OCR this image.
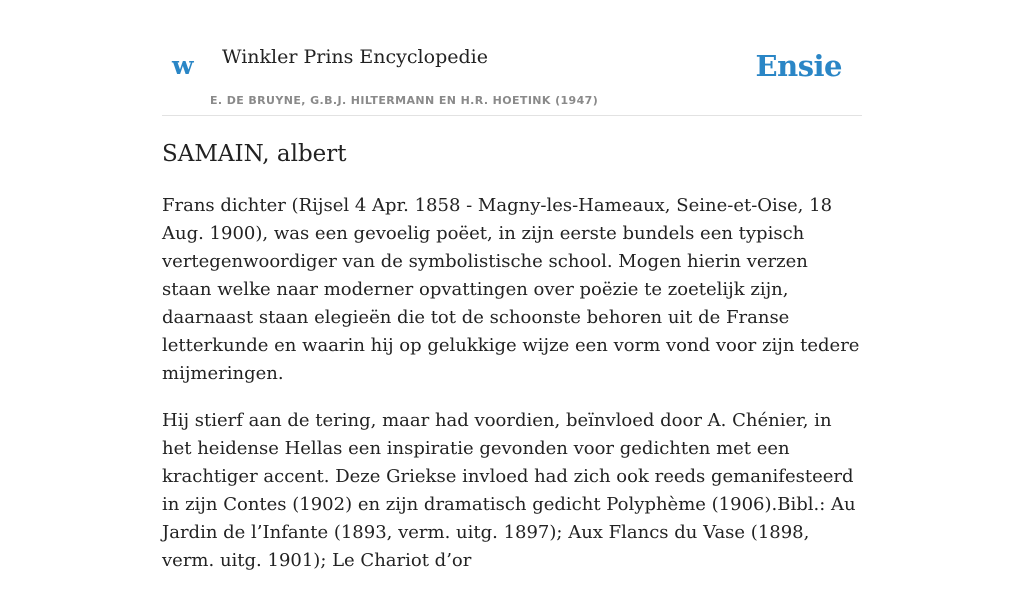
w Winkler Prins Encyclopedie
E. DE BRUYNE, G.B.J. HILTERMANN EN H.R. HOETINK (1947)
Ensie
SAMAIN, albert

Frans dichter (Rijsel 4 Apr. 1858 - Magny-les-Hameaux, Seine-et-Oise, 18 Aug. 1900), was een gevoelig poëet, in zijn eerste bundels een typisch vertegenwoordiger van de symbolistische school. Mogen hierin verzen staan welke naar moderner opvattingen over poëzie te zoetelijk zijn, daarnaast staan elegieën die tot de schoonste behoren uit de Franse letterkunde en waarin hij op gelukkige wijze een vorm vond voor zijn tedere mijmeringen.

Hij stierf aan de tering, maar had voordien, beïnvloed door A. Chénier, in het heidense Hellas een inspiratie gevonden voor gedichten met een krachtiger accent. Deze Griekse invloed had zich ook reeds gemanifesteerd in zijn Contes (1902) en zijn dramatisch gedicht Polyphème (1906).Bibl.: Au Jardin de l’Infante (1893, verm. uitg. 1897); Aux Flancs du Vase (1898, verm. uitg. 1901); Le Chariot d’or
